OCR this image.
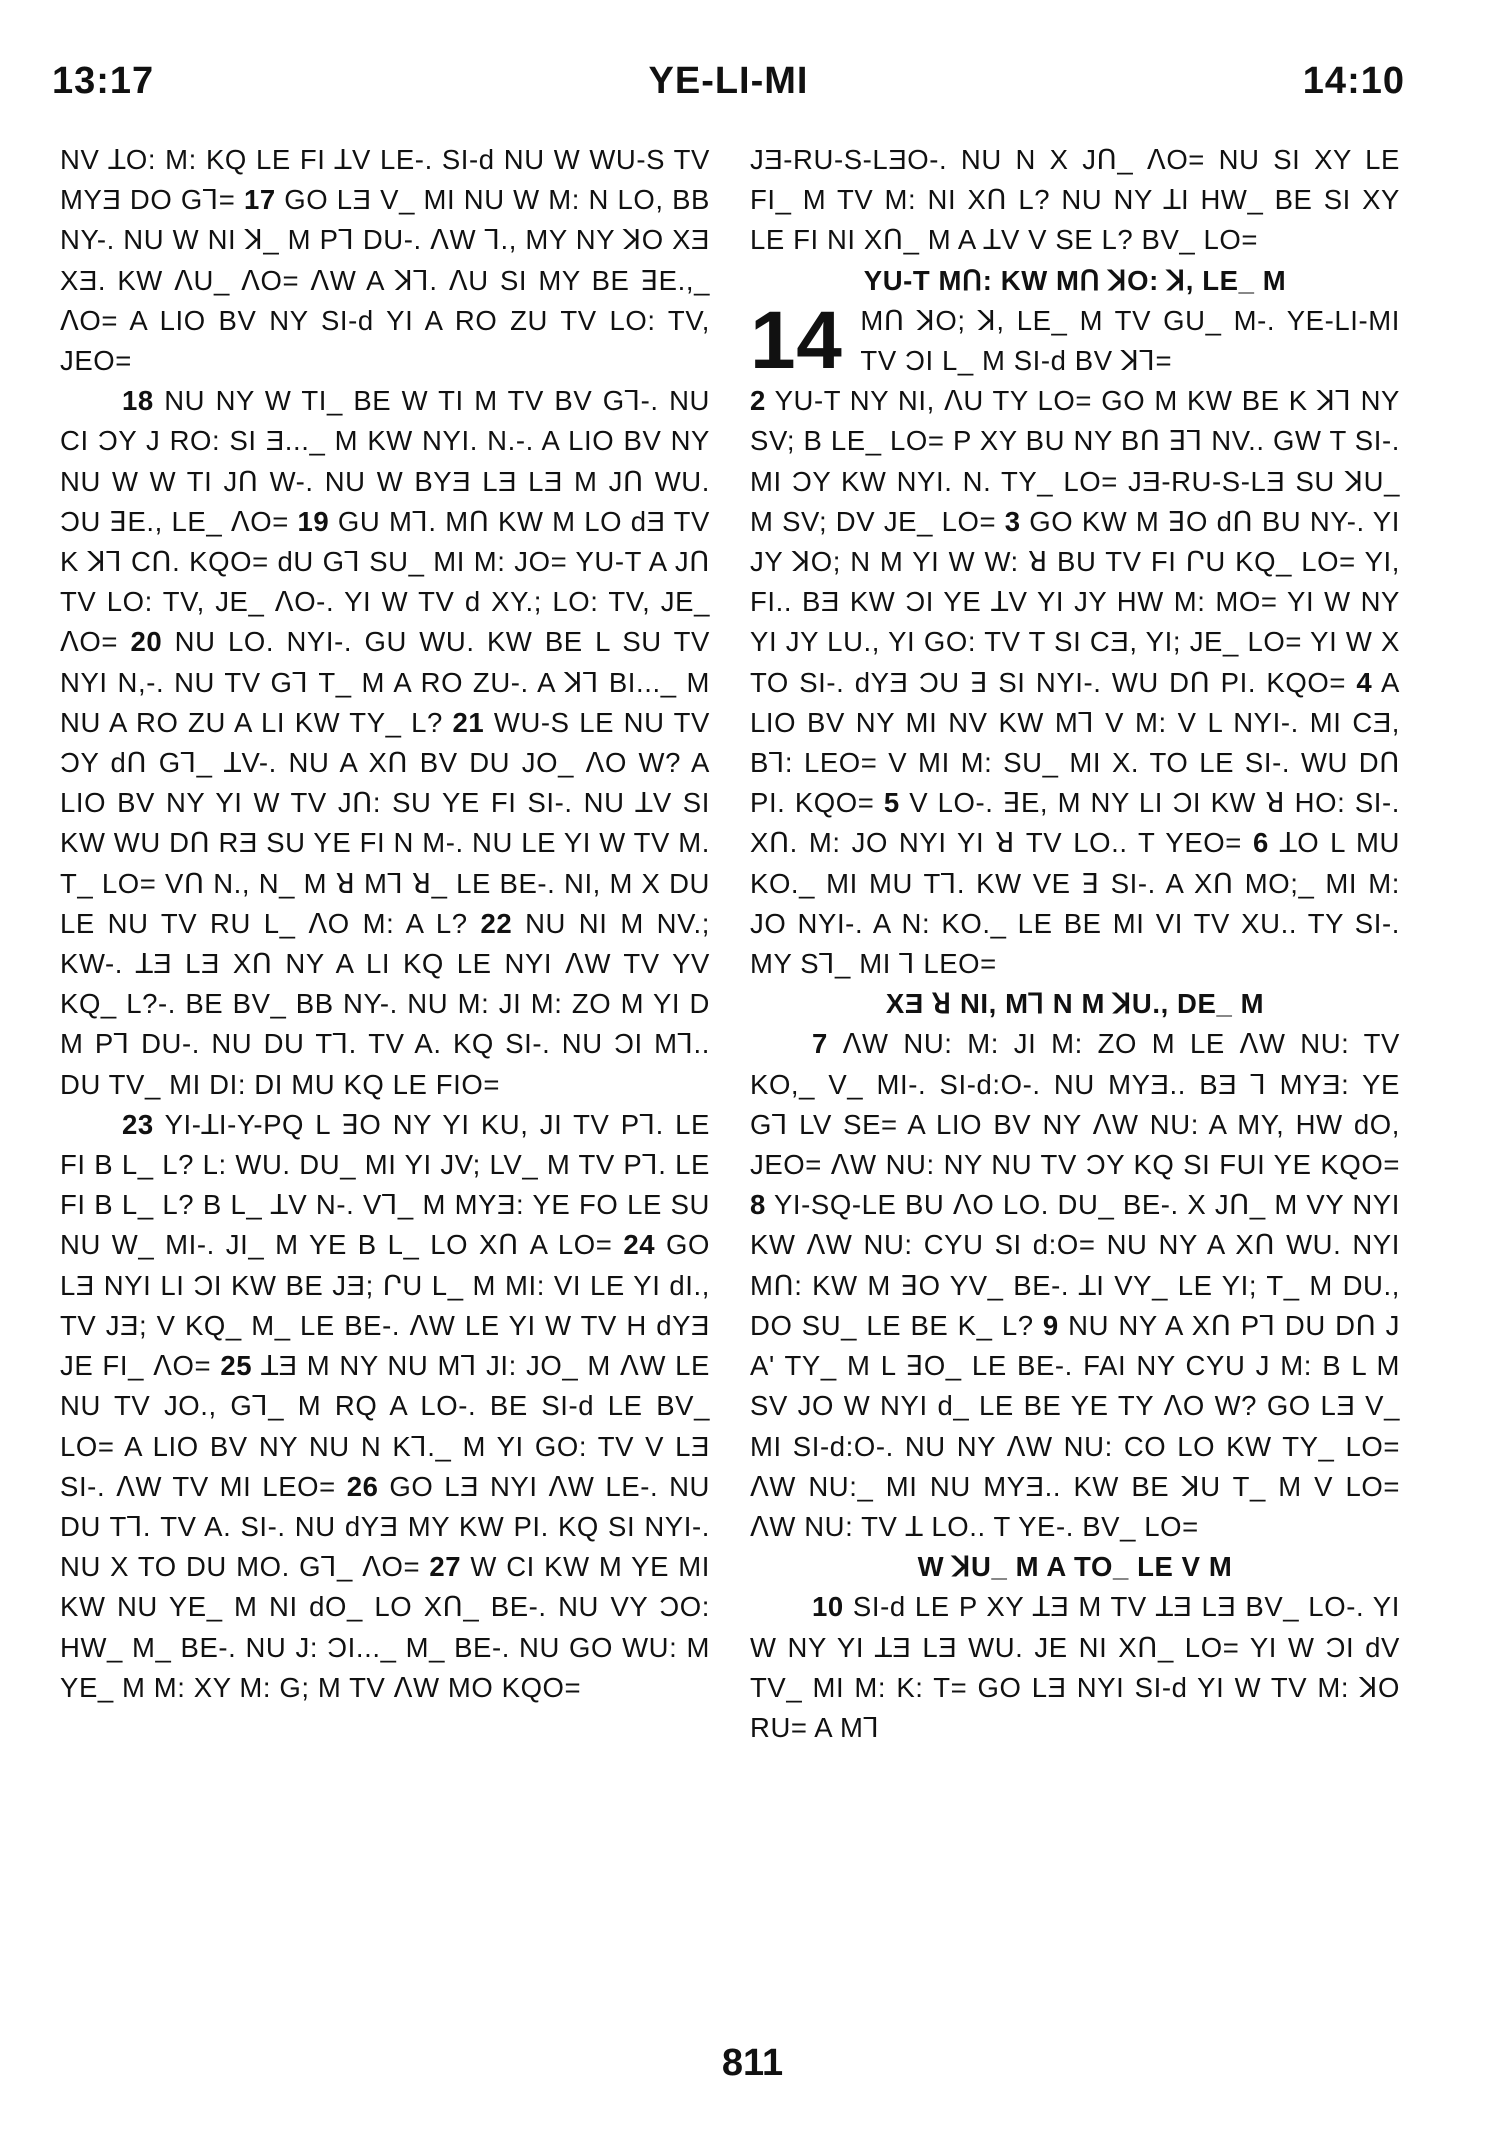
13:17	YE-LI-MI	14:10

NV ꓕO: M: KQ LE FI ꓕV LE-. SI-d NU W WU-S TV MYƎ DO Gꓶ= 17 GO LƎ V_ MI NU W M: N LO, BB NY-. NU W NI ꓘ_ M Pꓶ DU-. ꓥW ꓶ., MY NY ꓘO XƎ XƎ. KW ꓥU_ ꓥO= ꓥW A ꓘꓶ. ꓥU SI MY BE ꓱE.,_ ꓥO= A LIO BV NY SI-d YI A RO ZU TV LO: TV, JEO=

18 NU NY W TI_ BE W TI M TV BV Gꓶ-. NU CI ƆY J RO: SI Ǝ..._ M KW NYI. N.-. A LIO BV NY NU W W TI JՈ W-. NU W BYƎ LƎ LƎ M JՈ WU. ƆU ꓱE., LE_ ꓥO= 19 GU Mꓶ. MՈ KW M LO dƎ TV K ꓘꓶ CՈ. KQO= dU Gꓶ SU_ MI M: JO= YU-T A JՈ TV LO: TV, JE_ ꓥO-. YI W TV d XY.; LO: TV, JE_ ꓥO= 20 NU LO. NYI-. GU WU. KW BE L SU TV NYI N,-. NU TV Gꓶ T_ M A RO ZU-. A ꓘꓶ BI..._ M NU A RO ZU A LI KW TY_ L? 21 WU-S LE NU TV ƆY dՈ Gꓶ_ ꓕV-. NU A XՈ BV DU JO_ ꓥO W? A LIO BV NY YI W TV JՈ: SU YE FI SI-. NU ꓕV SI KW WU DՈ RƎ SU YE FI N M-. NU LE YI W TV M. T_ LO= VՈ N., N_ M ꓤ Mꓶ ꓤ_ LE BE-. NI, M X DU LE NU TV RU L_ ꓥO M: A L? 22 NU NI M NV.; KW-. ꓕƎ LƎ XՈ NY A LI KQ LE NYI ꓥW TV YV KQ_ L?-. BE BV_ BB NY-. NU M: JI M: ZO M YI D M Pꓶ DU-. NU DU Tꓶ. TV A. KQ SI-. NU ƆI Mꓶ.. DU TV_ MI DI: DI MU KQ LE FIO=

23 YI-ꓕI-Y-PQ L ꓱO NY YI KU, JI TV Pꓶ. LE FI B L_ L? L: WU. DU_ MI YI JV; LV_ M TV Pꓶ. LE FI B L_ L? B L_ ꓕV N-. Vꓶ_ M MYƎ: YE FO LE SU NU W_ MI-. JI_ M YE B L_ LO XՈ A LO= 24 GO LƎ NYI LI ƆI KW BE JƎ; ՐU L_ M MI: VI LE YI dI., TV JƎ; V KQ_ M_ LE BE-. ꓥW LE YI W TV H dYƎ JE FI_ ꓥO= 25 ꓕƎ M NY NU Mꓶ JI: JO_ M ꓥW LE NU TV JO., Gꓶ_ M RQ A LO-. BE SI-d LE BV_ LO= A LIO BV NY NU N Kꓶ._ M YI GO: TV V LƎ SI-. ꓥW TV MI LEO= 26 GO LƎ NYI ꓥW LE-. NU DU Tꓶ. TV A. SI-. NU dYƎ MY KW PI. KQ SI NYI-. NU X TO DU MO. Gꓶ_ ꓥO= 27 W CI KW M YE MI KW NU YE_ M NI dO_ LO XՈ_ BE-. NU VY ƆO: HW_ M_ BE-. NU J: ƆI..._ M_ BE-. NU GO WU: M YE_ M M: XY M: G; M TV ꓥW MO KQO=

JƎ-RU-S-LƎO-. NU N X JՈ_ ꓥO= NU SI XY LE FI_ M TV M: NI XՈ L? NU NY ꓕI HW_ BE SI XY LE FI NI XՈ_ M A ꓕV V SE L? BV_ LO=

YU-T MՈ: KW MՈ ꓘO: ꓘ, LE_ M

14 MՈ ꓘO; ꓘ, LE_ M TV GU_ M-. YE-LI-MI TV ƆI L_ M SI-d BV ꓘꓶ=

2 YU-T NY NI, ꓥU TY LO= GO M KW BE K ꓘꓶ NY SV; B LE_ LO= P XY BU NY BՈ ꓱꓶ NV.. GW T SI-. MI ƆY KW NYI. N. TY_ LO= JƎ-RU-S-LƎ SU ꓘU_ M SV; DV JE_ LO= 3 GO KW M ꓱO dՈ BU NY-. YI JY ꓘO; N M YI W W: ꓤ BU TV FI ՐU KQ_ LO= YI, FI.. BƎ KW ƆI YE ꓕV YI JY HW M: MO= YI W NY YI JY LU., YI GO: TV T SI CƎ, YI; JE_ LO= YI W X TO SI-. dYƎ ƆU ꓱ SI NYI-. WU DՈ PI. KQO= 4 A LIO BV NY MI NV KW Mꓶ V M: V L NYI-. MI CƎ, Bꓶ: LEO= V MI M: SU_ MI X. TO LE SI-. WU DՈ PI. KQO= 5 V LO-. ꓱE, M NY LI ƆI KW ꓤ HO: SI-. XՈ. M: JO NYI YI ꓤ TV LO.. T YEO= 6 ꓕO L MU KO._ MI MU Tꓶ. KW VE ꓱ SI-. A XՈ MO;_ MI M: JO NYI-. A N: KO._ LE BE MI VI TV XU.. TY SI-. MY Sꓶ_ MI ꓶ LEO=

XƎ ꓤ NI, Mꓶ N M ꓘU., DE_ M

7 ꓥW NU: M: JI M: ZO M LE ꓥW NU: TV KO,_ V_ MI-. SI-d:O-. NU MYƎ.. BƎ ꓶ MYƎ: YE Gꓶ LV SE= A LIO BV NY ꓥW NU: A MY, HW dO, JEO= ꓥW NU: NY NU TV ƆY KQ SI FUI YE KQO= 8 YI-SQ-LE BU ꓥO LO. DU_ BE-. X JՈ_ M VY NYI KW ꓥW NU: CYU SI d:O= NU NY A XՈ WU. NYI MՈ: KW M ꓱO YV_ BE-. ꓕI VY_ LE YI; T_ M DU., DO SU_ LE BE K_ L? 9 NU NY A XՈ Pꓶ DU DՈ J A' TY_ M L ꓱO_ LE BE-. FAI NY CYU J M: B L M SV JO W NYI d_ LE BE YE TY ꓥO W? GO LƎ V_ MI SI-d:O-. NU NY ꓥW NU: CO LO KW TY_ LO= ꓥW NU:_ MI NU MYƎ.. KW BE ꓘU T_ M V LO= ꓥW NU: TV ꓕ LO.. T YE-. BV_ LO=

W ꓘU_ M A TO_ LE V M

10 SI-d LE P XY ꓕƎ M TV ꓕƎ LƎ BV_ LO-. YI W NY YI ꓕƎ LƎ WU. JE NI XՈ_ LO= YI W ƆI dV TV_ MI M: K: T= GO LƎ NYI SI-d YI W TV M: ꓘO RU= A Mꓶ

811
